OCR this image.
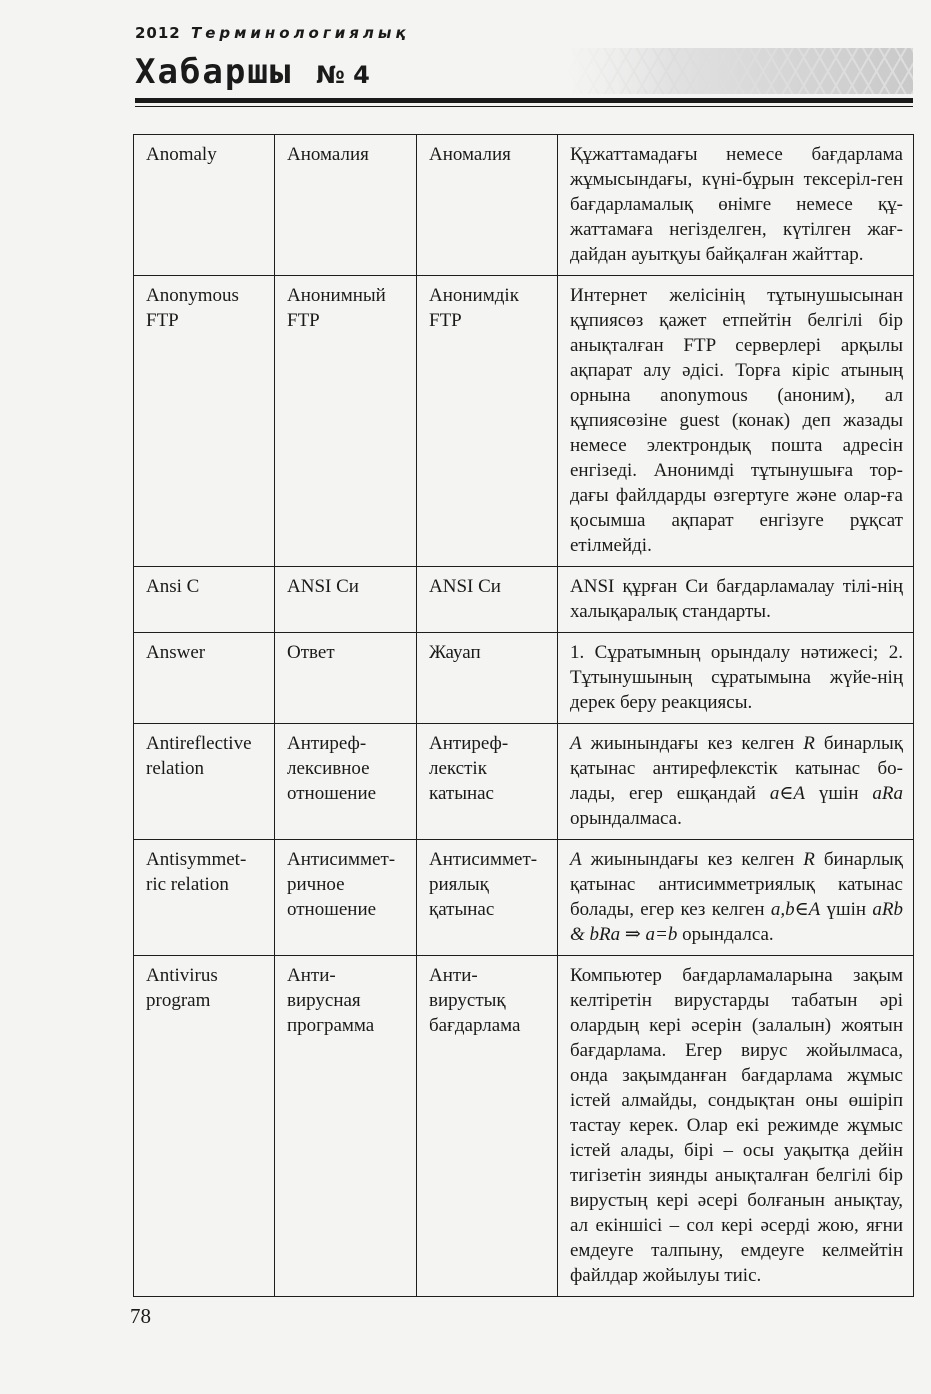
2012 Терминологиялық
Хабаршы № 4
Anomaly	Аномалия	Аномалия	Құжаттамадағы немесе бағдарлама жұмысындағы, күні-бұрын тексеріл-ген бағдарламалық өнімге немесе құ-жаттамаға негізделген, күтілген жағ-дайдан ауытқуы байқалған жайттар.
Anonymous FTP	Анонимный FTP	Анонимдік FTP	Интернет желісінің тұтынушысынан құпиясөз қажет етпейтін белгілі бір анықталған FTP серверлері арқылы ақпарат алу әдісі. Торға кіріс атының орнына anonymous (аноним), ал құпиясөзіне guest (конак) деп жазады немесе электрондық пошта адресін енгізеді. Анонимді тұтынушыға тор-дағы файлдарды өзгертуге және олар-ға қосымша ақпарат енгізуге рұқсат етілмейді.
Ansi C	ANSI Си	ANSI Си	ANSI құрған Си бағдарламалау тілі-нің халықаралық стандарты.
Answer	Ответ	Жауап	1. Сұратымның орындалу нәтижесі; 2. Тұтынушының сұратымына жүйе-нің дерек беру реакциясы.
Antireflective relation	Антиреф-лексивное отношение	Антиреф-лекстік катынас	A жиынындағы кез келген R бинарлық қатынас антирефлекстік катынас бо-лады, егер ешқандай a∈A үшін aRa орындалмаса.
Antisymmet-ric relation	Антисиммет-ричное отношение	Антисиммет-риялық қатынас	A жиынындағы кез келген R бинарлық қатынас антисимметриялық катынас болады, егер кез келген a,b∈A үшін aRb & bRa ⇒ a=b орындалса.
Antivirus program	Анти-вирусная программа	Анти-вирустық бағдарлама	Компьютер бағдарламаларына зақым келтіретін вирустарды табатын әрі олардың кері әсерін (залалын) жоятын бағдарлама. Егер вирус жойылмаса, онда зақымданған бағдарлама жұмыс істей алмайды, сондықтан оны өшіріп тастау керек. Олар екі режимде жұмыс істей алады, бірі – осы уақытқа дейін тигізетін зиянды анықталған белгілі бір вирустың кері әсері болғанын анықтау, ал екіншісі – сол кері әсерді жою, яғни емдеуге талпыну, емдеуге келмейтін файлдар жойылуы тиіс.
78
